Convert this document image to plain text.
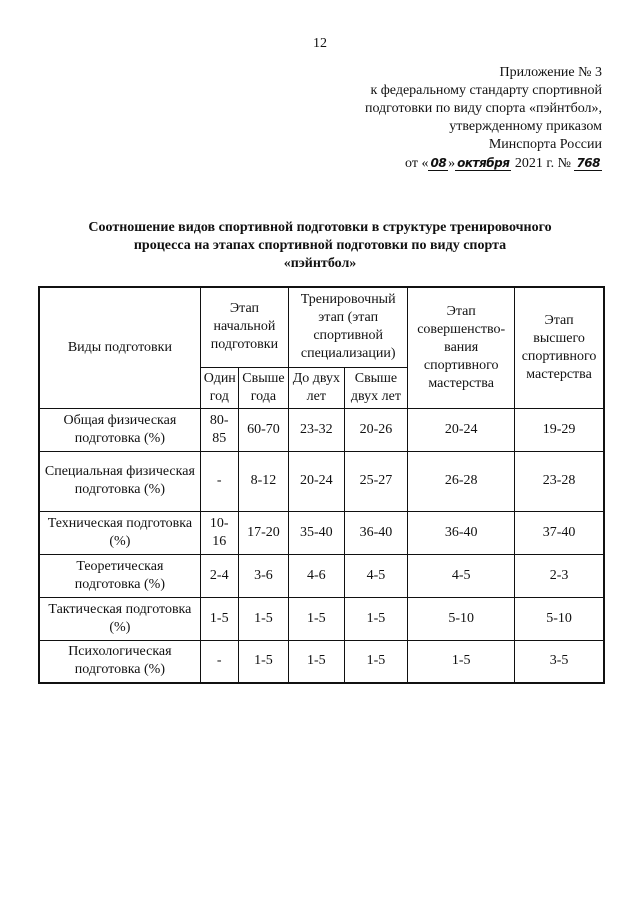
12
Приложение № 3
к федеральному стандарту спортивной
подготовки по виду спорта «пэйнтбол»,
утвержденному приказом
Минспорта России
от « 08 » октября 2021 г. № 768
Соотношение видов спортивной подготовки в структуре тренировочного
процесса на этапах спортивной подготовки по виду спорта
«пэйнтбол»
Виды подготовки	Этап начальной подготовки		Тренировочный этап (этап спортивной специализации)		Этап совершенство-вания спортивного мастерства	Этап высшего спортивного мастерства
	Один год	Свыше года	До двух лет	Свыше двух лет		
Общая физическая подготовка (%)	80-85	60-70	23-32	20-26	20-24	19-29
Специальная физическая подготовка (%)	-	8-12	20-24	25-27	26-28	23-28
Техническая подготовка (%)	10-16	17-20	35-40	36-40	36-40	37-40
Теоретическая подготовка (%)	2-4	3-6	4-6	4-5	4-5	2-3
Тактическая подготовка (%)	1-5	1-5	1-5	1-5	5-10	5-10
Психологическая подготовка (%)	-	1-5	1-5	1-5	1-5	3-5
